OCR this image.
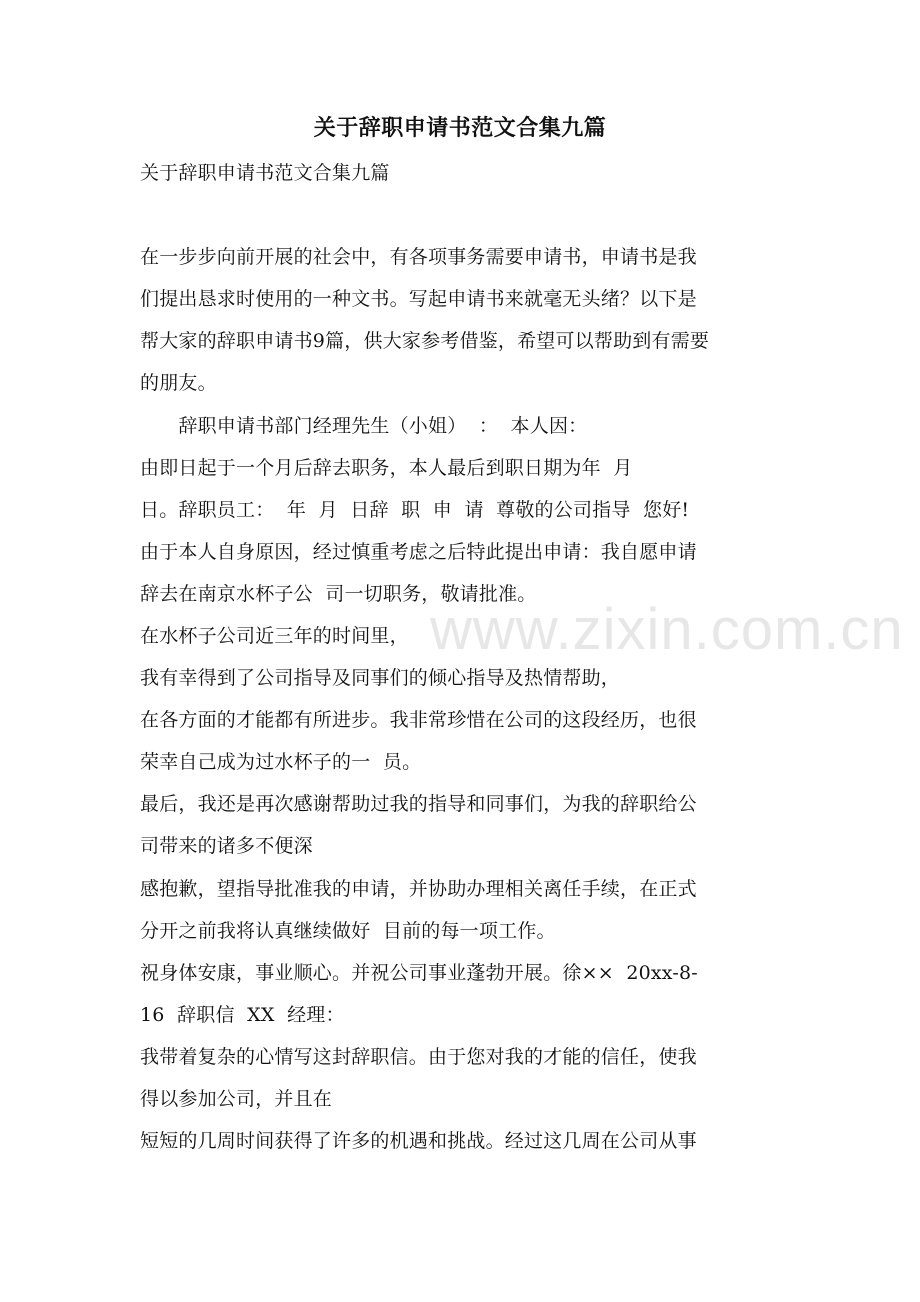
关于辞职申请书范文合集九篇
关于辞职申请书范文合集九篇
在一步步向前开展的社会中，有各项事务需要申请书，申请书是我
们提出恳求时使用的一种文书。写起申请书来就毫无头绪？以下是
帮大家的辞职申请书9篇，供大家参考借鉴，希望可以帮助到有需要
的朋友。
　　辞职申请书部门经理先生（小姐）  ：  本人因：
由即日起于一个月后辞去职务，本人最后到职日期为年  月
日。辞职员工：  年  月  日辞  职  申  请  尊敬的公司指导  您好!
由于本人自身原因，经过慎重考虑之后特此提出申请：我自愿申请
辞去在南京水杯子公  司一切职务，敬请批准。
在水杯子公司近三年的时间里，
我有幸得到了公司指导及同事们的倾心指导及热情帮助，
在各方面的才能都有所进步。我非常珍惜在公司的这段经历，也很
荣幸自己成为过水杯子的一  员。
最后，我还是再次感谢帮助过我的指导和同事们，为我的辞职给公
司带来的诸多不便深
感抱歉，望指导批准我的申请，并协助办理相关离任手续，在正式
分开之前我将认真继续做好  目前的每一项工作。
祝身体安康，事业顺心。并祝公司事业蓬勃开展。徐××  20xx-8-
16  辞职信  XX  经理：
我带着复杂的心情写这封辞职信。由于您对我的才能的信任，使我
得以参加公司，并且在
短短的几周时间获得了许多的机遇和挑战。经过这几周在公司从事
www.zixin.com.cn
